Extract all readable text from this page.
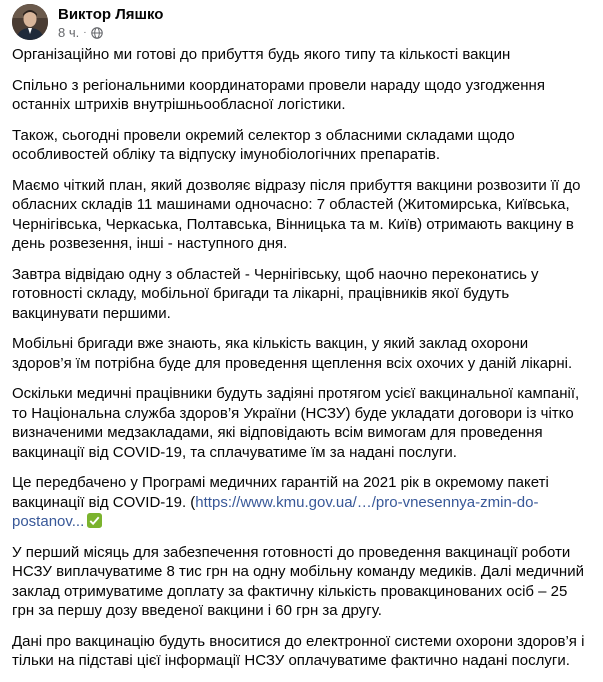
Виктор Ляшко
8 ч. ·

Організаційно ми готові до прибуття будь якого типу та кількості вакцин

Спільно з регіональними координаторами провели нараду щодо узгодження останніх штрихів внутрішньообласної логістики.

Також, сьогодні провели окремий селектор з обласними складами щодо особливостей обліку та відпуску імунобіологічних препаратів.

Маємо чіткий план, який дозволяє відразу після прибуття вакцини розвозити її до обласних складів 11 машинами одночасно: 7 областей (Житомирська, Київська, Чернігівська, Черкаська, Полтавська, Вінницька та м. Київ) отримають вакцину в день розвезення, інші - наступного дня.

Завтра відвідаю одну з областей - Чернігівську, щоб наочно переконатись у готовності складу, мобільної бригади та лікарні, працівників якої будуть вакцинувати першими.

Мобільні бригади вже знають, яка кількість вакцин, у який заклад охорони здоров’я їм потрібна буде для проведення щеплення всіх охочих у даній лікарні.

Оскільки медичні працівники будуть задіяні протягом усієї вакцинальної кампанії, то Національна служба здоров’я України (НСЗУ) буде укладати договори із чітко визначеними медзакладами, які відповідають всім вимогам для проведення вакцинації від COVID-19, та сплачуватиме їм за надані послуги.

Це передбачено у Програмі медичних гарантій на 2021 рік в окремому пакеті вакцинації від COVID-19. (https://www.kmu.gov.ua/…/pro-vnesennya-zmin-do-postanov...

У перший місяць для забезпечення готовності до проведення вакцинації роботи НСЗУ виплачуватиме 8 тис грн на одну мобільну команду медиків. Далі медичний заклад отримуватиме доплату за фактичну кількість провакцинованих осіб – 25 грн за першу дозу введеної вакцини і 60 грн за другу.

Дані про вакцинацію будуть вноситися до електронної системи охорони здоров’я і тільки на підставі цієї інформації НСЗУ оплачуватиме фактично надані послуги.
